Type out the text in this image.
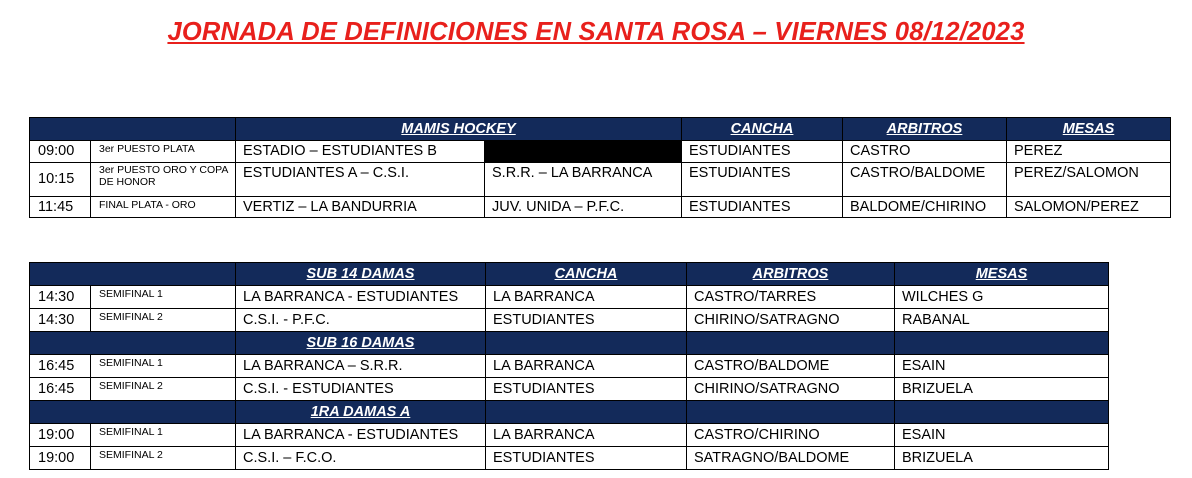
JORNADA DE DEFINICIONES EN SANTA ROSA – VIERNES 08/12/2023
		MAMIS HOCKEY		CANCHA	ARBITROS	MESAS
09:00	3er PUESTO PLATA	ESTADIO – ESTUDIANTES B		ESTUDIANTES	CASTRO	PEREZ
10:15	3er PUESTO ORO Y COPA DE HONOR	ESTUDIANTES A – C.S.I.	S.R.R. – LA BARRANCA	ESTUDIANTES	CASTRO/BALDOME	PEREZ/SALOMON
11:45	FINAL PLATA - ORO	VERTIZ – LA BANDURRIA	JUV. UNIDA – P.F.C.	ESTUDIANTES	BALDOME/CHIRINO	SALOMON/PEREZ
		SUB 14 DAMAS	CANCHA	ARBITROS	MESAS
14:30	SEMIFINAL 1	LA BARRANCA - ESTUDIANTES	LA BARRANCA	CASTRO/TARRES	WILCHES G
14:30	SEMIFINAL 2	C.S.I. - P.F.C.	ESTUDIANTES	CHIRINO/SATRAGNO	RABANAL
		SUB 16 DAMAS			
16:45	SEMIFINAL 1	LA BARRANCA – S.R.R.	LA BARRANCA	CASTRO/BALDOME	ESAIN
16:45	SEMIFINAL 2	C.S.I. - ESTUDIANTES	ESTUDIANTES	CHIRINO/SATRAGNO	BRIZUELA
		1RA DAMAS A			
19:00	SEMIFINAL 1	LA BARRANCA - ESTUDIANTES	LA BARRANCA	CASTRO/CHIRINO	ESAIN
19:00	SEMIFINAL 2	C.S.I. – F.C.O.	ESTUDIANTES	SATRAGNO/BALDOME	BRIZUELA
